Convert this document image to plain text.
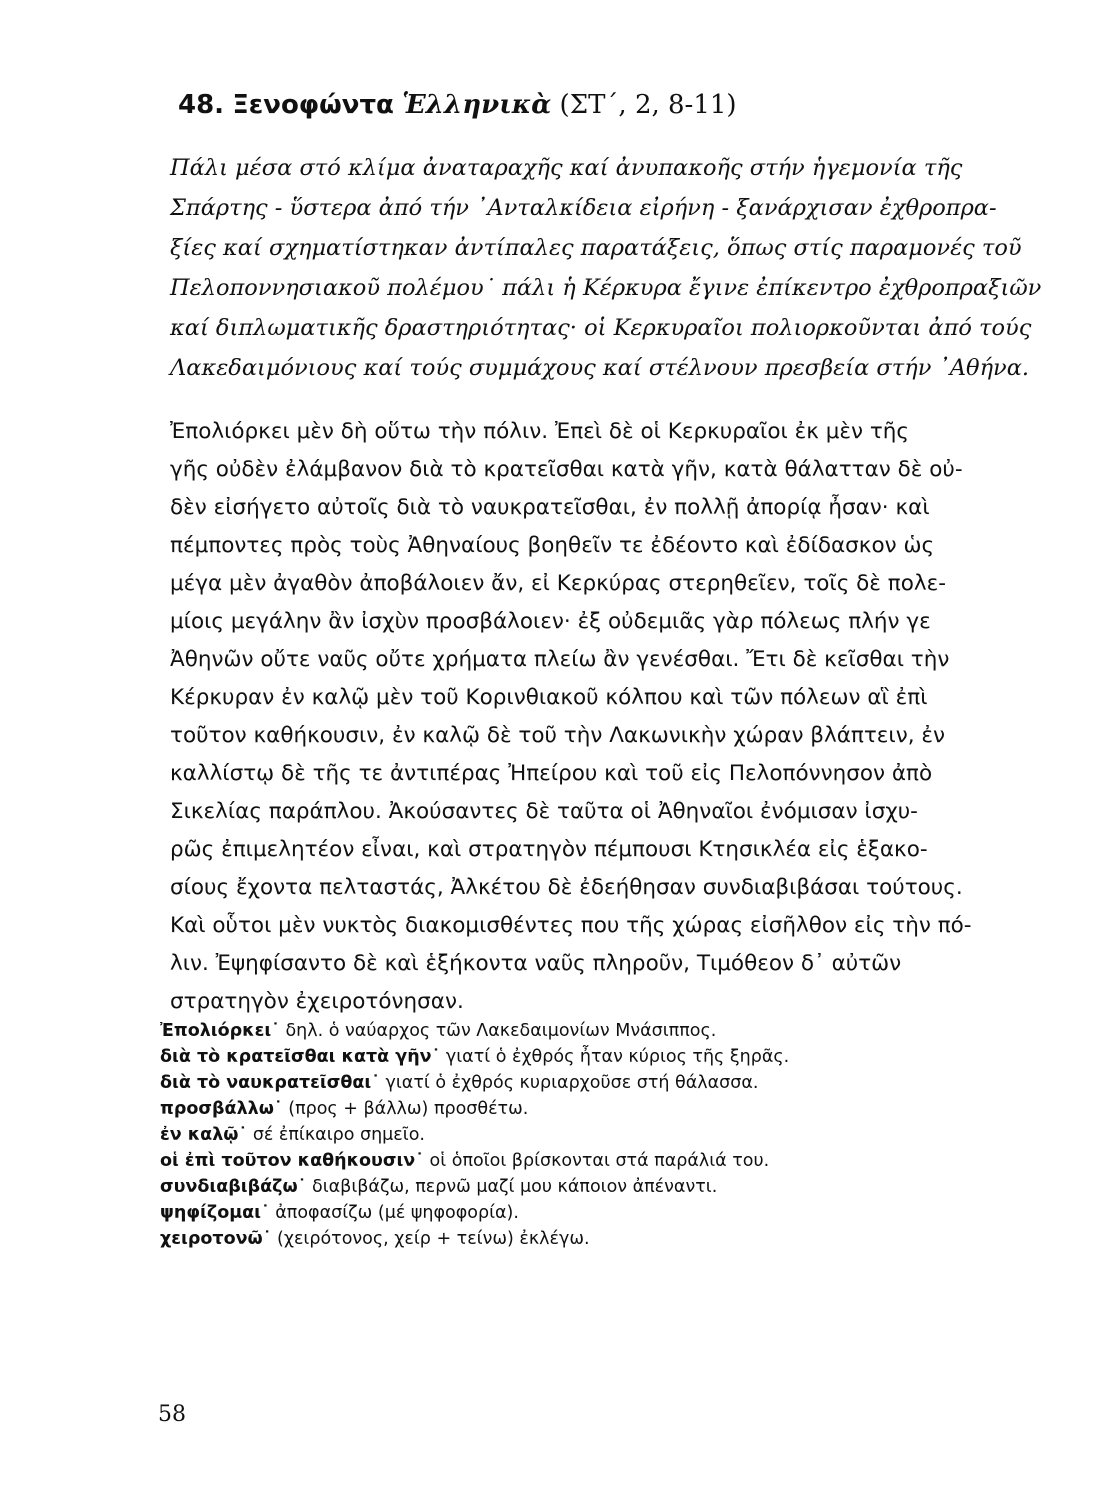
48. Ξενοφώντα Ἑλληνικὰ (ΣΤ΄, 2, 8-11)

Πάλι μέσα στό κλίμα ἀναταραχῆς καί ἀνυπακοῆς στήν ἡγεμονία τῆς

Σπάρτης - ὕστερα ἀπό τήν ᾽Ανταλκίδεια εἰρήνη - ξανάρχισαν ἐχθροπρα-

ξίες καί σχηματίστηκαν ἀντίπαλες παρατάξεις, ὅπως στίς παραμονές τοῦ

Πελοποννησιακοῦ πολέμου˙ πάλι ἡ Κέρκυρα ἔγινε ἐπίκεντρο ἐχθροπραξιῶν

καί διπλωματικῆς δραστηριότητας· οἱ Κερκυραῖοι πολιορκοῦνται ἀπό τούς

Λακεδαιμόνιους καί τούς συμμάχους καί στέλνουν πρεσβεία στήν ᾽Αθήνα.

Ἐπολιόρκει μὲν δὴ οὕτω τὴν πόλιν. Ἐπεὶ δὲ οἱ Κερκυραῖοι ἐκ μὲν τῆς

γῆς οὐδὲν ἐλάμβανον διὰ τὸ κρατεῖσθαι κατὰ γῆν, κατὰ θάλατταν δὲ οὐ-

δὲν εἰσήγετο αὐτοῖς διὰ τὸ ναυκρατεῖσθαι, ἐν πολλῇ ἀπορίᾳ ἦσαν· καὶ

πέμποντες πρὸς τοὺς Ἀθηναίους βοηθεῖν τε ἐδέοντο καὶ ἐδίδασκον ὡς

μέγα μὲν ἀγαθὸν ἀποβάλοιεν ἄν, εἰ Κερκύρας στερηθεῖεν, τοῖς δὲ πολε-

μίοις μεγάλην ἂν ἰσχὺν προσβάλοιεν· ἐξ οὐδεμιᾶς γὰρ πόλεως πλήν γε

Ἀθηνῶν οὔτε ναῦς οὔτε χρήματα πλείω ἂν γενέσθαι. Ἔτι δὲ κεῖσθαι τὴν

Κέρκυραν ἐν καλῷ μὲν τοῦ Κορινθιακοῦ κόλπου καὶ τῶν πόλεων αἳ ἐπὶ

τοῦτον καθήκουσιν, ἐν καλῷ δὲ τοῦ τὴν Λακωνικὴν χώραν βλάπτειν, ἐν

καλλίστῳ δὲ τῆς τε ἀντιπέρας Ἠπείρου καὶ τοῦ εἰς Πελοπόννησον ἀπὸ

Σικελίας παράπλου. Ἀκούσαντες δὲ ταῦτα οἱ Ἀθηναῖοι ἐνόμισαν ἰσχυ-

ρῶς ἐπιμελητέον εἶναι, καὶ στρατηγὸν πέμπουσι Κτησικλέα εἰς ἑξακο-

σίους ἔχοντα πελταστάς, Ἀλκέτου δὲ ἐδεήθησαν συνδιαβιβάσαι τούτους.

Καὶ οὗτοι μὲν νυκτὸς διακομισθέντες που τῆς χώρας εἰσῆλθον εἰς τὴν πό-

λιν. Ἐψηφίσαντο δὲ καὶ ἑξήκοντα ναῦς πληροῦν, Τιμόθεον δ᾽ αὐτῶν

στρατηγὸν ἐχειροτόνησαν.

Ἐπολιόρκει˙ δηλ. ὁ ναύαρχος τῶν Λακεδαιμονίων Μνάσιππος.
διὰ τὸ κρατεῖσθαι κατὰ γῆν˙ γιατί ὁ ἐχθρός ἦταν κύριος τῆς ξηρᾶς.
διὰ τὸ ναυκρατεῖσθαι˙ γιατί ὁ ἐχθρός κυριαρχοῦσε στή θάλασσα.
προσβάλλω˙ (προς + βάλλω) προσθέτω.
ἐν καλῷ˙ σέ ἐπίκαιρο σημεῖο.
οἱ ἐπὶ τοῦτον καθήκουσιν˙ οἱ ὁποῖοι βρίσκονται στά παράλιά του.
συνδιαβιβάζω˙ διαβιβάζω, περνῶ μαζί μου κάποιον ἀπέναντι.
ψηφίζομαι˙ ἀποφασίζω (μέ ψηφοφορία).
χειροτονῶ˙ (χειρότονος, χείρ + τείνω) ἐκλέγω.
58
